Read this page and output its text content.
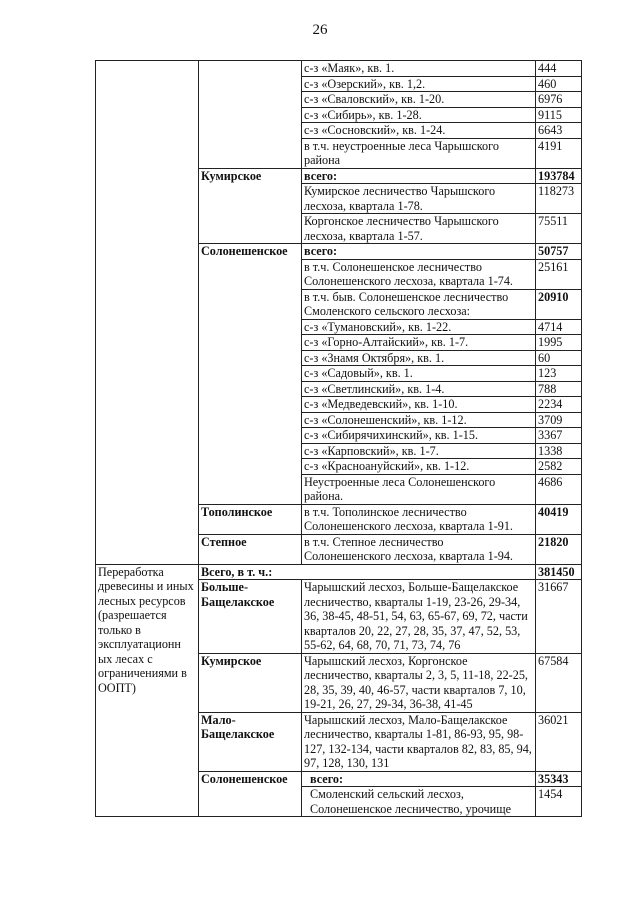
26
		с-з «Маяк», кв. 1.	444
		с-з «Озерский», кв. 1,2.	460
		с-з «Сваловский», кв. 1-20.	6976
		с-з «Сибирь», кв. 1-28.	9115
		с-з «Сосновский», кв. 1-24.	6643
		в т.ч. неустроенные леса Чарышского района	4191
	Кумирское	всего:	193784
		Кумирское лесничество Чарышского лесхоза, квартала 1-78.	118273
		Коргонское лесничество Чарышского лесхоза, квартала 1-57.	75511
	Солонешенское	всего:	50757
		в т.ч. Солонешенское лесничество Солонешенского лесхоза, квартала 1-74.	25161
		в т.ч. быв. Солонешенское лесничество Смоленского сельского лесхоза:	20910
		с-з «Тумановский», кв. 1-22.	4714
		с-з «Горно-Алтайский», кв. 1-7.	1995
		с-з «Знамя Октября», кв. 1.	60
		с-з «Садовый», кв. 1.	123
		с-з «Светлинский», кв. 1-4.	788
		с-з «Медведевский», кв. 1-10.	2234
		с-з «Солонешенский», кв. 1-12.	3709
		с-з «Сибирячихинский», кв. 1-15.	3367
		с-з «Карповский», кв. 1-7.	1338
		с-з «Красноануйский», кв. 1-12.	2582
		Неустроенные леса Солонешенского района.	4686
	Тополинское	в т.ч. Тополинское лесничество Солонешенского лесхоза, квартала 1-91.	40419
	Степное	в т.ч. Степное лесничество Солонешенского лесхоза, квартала 1-94.	21820
Переработка древесины и иных лесных ресурсов (разрешается только в эксплуатационн ых лесах с ограничениями в ООПТ)	Всего, в т. ч.:		381450
	Больше-Бащелакское	Чарышский лесхоз, Больше-Бащелакское лесничество, кварталы 1-19, 23-26, 29-34, 36, 38-45, 48-51, 54, 63, 65-67, 69, 72, части кварталов 20, 22, 27, 28, 35, 37, 47, 52, 53, 55-62, 64, 68, 70, 71, 73, 74, 76	31667
	Кумирское	Чарышский лесхоз, Коргонское лесничество, кварталы 2, 3, 5, 11-18, 22-25, 28, 35, 39, 40, 46-57, части кварталов 7, 10, 19-21, 26, 27, 29-34, 36-38, 41-45	67584
	Мало-Бащелакское	Чарышский лесхоз, Мало-Бащелакское лесничество, кварталы 1-81, 86-93, 95, 98-127, 132-134, части кварталов 82, 83, 85, 94, 97, 128, 130, 131	36021
	Солонешенское	всего:	35343
		Смоленский сельский лесхоз, Солонешенское лесничество, урочище	1454
